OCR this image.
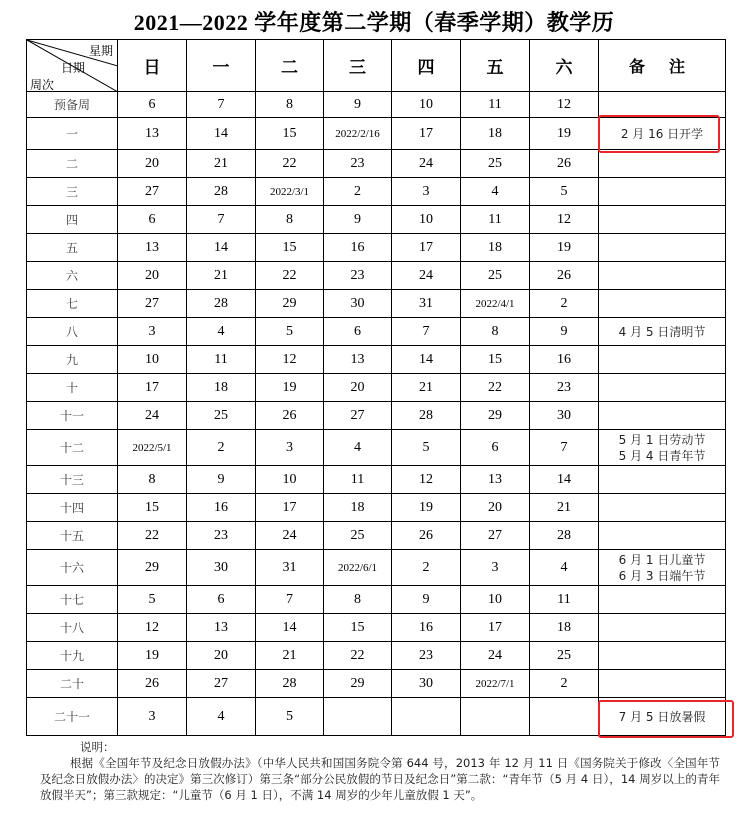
2021—2022 学年度第二学期（春季学期）教学历
星期
日期
周次	日	一	二	三	四	五	六	备 注
预备周	6	7	8	9	10	11	12	
一	13	14	15	2022/2/16	17	18	19	2 月 16 日开学
二	20	21	22	23	24	25	26	
三	27	28	2022/3/1	2	3	4	5	
四	6	7	8	9	10	11	12	
五	13	14	15	16	17	18	19	
六	20	21	22	23	24	25	26	
七	27	28	29	30	31	2022/4/1	2	
八	3	4	5	6	7	8	9	4 月 5 日清明节
九	10	11	12	13	14	15	16	
十	17	18	19	20	21	22	23	
十一	24	25	26	27	28	29	30	
十二	2022/5/1	2	3	4	5	6	7	5 月 1 日劳动节
5 月 4 日青年节
十三	8	9	10	11	12	13	14	
十四	15	16	17	18	19	20	21	
十五	22	23	24	25	26	27	28	
十六	29	30	31	2022/6/1	2	3	4	6 月 1 日儿童节
6 月 3 日端午节
十七	5	6	7	8	9	10	11	
十八	12	13	14	15	16	17	18	
十九	19	20	21	22	23	24	25	
二十	26	27	28	29	30	2022/7/1	2	
二十一	3	4	5					7 月 5 日放暑假
说明：
根据《全国年节及纪念日放假办法》（中华人民共和国国务院令第 644 号，2013 年 12 月 11 日《国务院关于修改〈全国年节及纪念日放假办法〉的决定》第三次修订）第三条“部分公民放假的节日及纪念日”第二款：“青年节（5 月 4 日），14 周岁以上的青年放假半天”；第三款规定：“儿童节（6 月 1 日），不满 14 周岁的少年儿童放假 1 天”。
